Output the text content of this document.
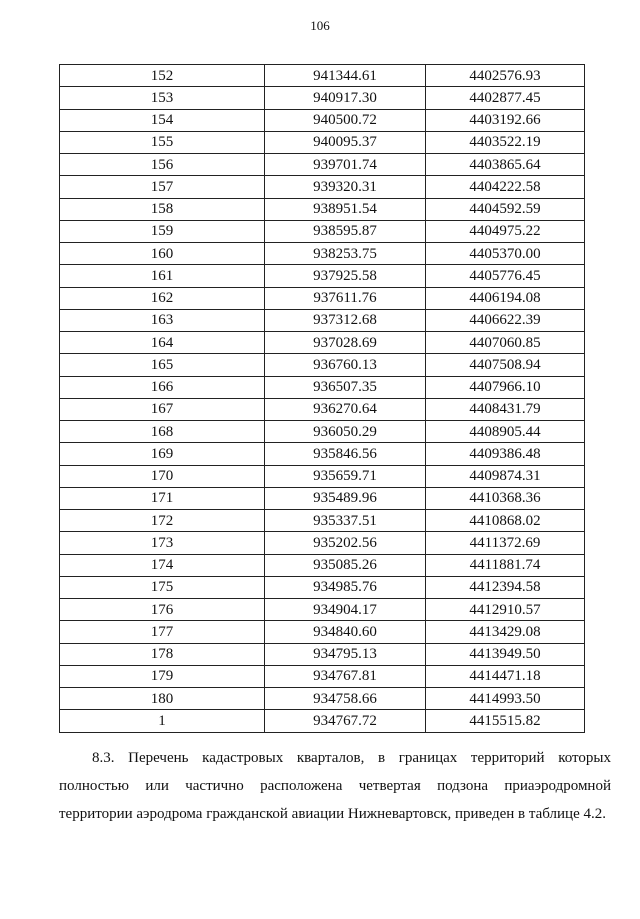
106
152	941344.61	4402576.93
153	940917.30	4402877.45
154	940500.72	4403192.66
155	940095.37	4403522.19
156	939701.74	4403865.64
157	939320.31	4404222.58
158	938951.54	4404592.59
159	938595.87	4404975.22
160	938253.75	4405370.00
161	937925.58	4405776.45
162	937611.76	4406194.08
163	937312.68	4406622.39
164	937028.69	4407060.85
165	936760.13	4407508.94
166	936507.35	4407966.10
167	936270.64	4408431.79
168	936050.29	4408905.44
169	935846.56	4409386.48
170	935659.71	4409874.31
171	935489.96	4410368.36
172	935337.51	4410868.02
173	935202.56	4411372.69
174	935085.26	4411881.74
175	934985.76	4412394.58
176	934904.17	4412910.57
177	934840.60	4413429.08
178	934795.13	4413949.50
179	934767.81	4414471.18
180	934758.66	4414993.50
1	934767.72	4415515.82
8.3. Перечень кадастровых кварталов, в границах территорий которых
полностью или частично расположена четвертая подзона приаэродромной
территории аэродрома гражданской авиации Нижневартовск, приведен в таблице 4.2.
